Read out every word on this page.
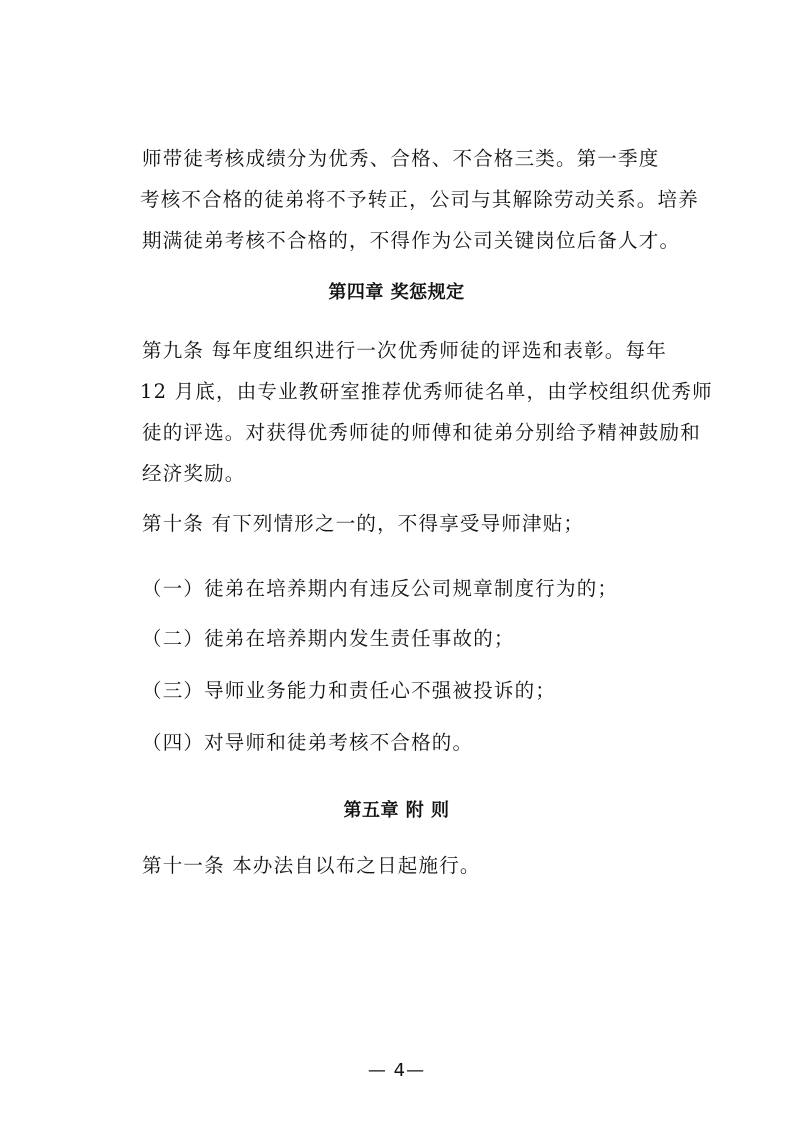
师带徒考核成绩分为优秀、合格、不合格三类。第一季度
考核不合格的徒弟将不予转正，公司与其解除劳动关系。培养
期满徒弟考核不合格的，不得作为公司关键岗位后备人才。

第四章 奖惩规定

第九条 每年度组织进行一次优秀师徒的评选和表彰。每年
12 月底，由专业教研室推荐优秀师徒名单，由学校组织优秀师
徒的评选。对获得优秀师徒的师傅和徒弟分别给予精神鼓励和
经济奖励。

第十条 有下列情形之一的，不得享受导师津贴；

（一）徒弟在培养期内有违反公司规章制度行为的；

（二）徒弟在培养期内发生责任事故的；

（三）导师业务能力和责任心不强被投诉的；

（四）对导师和徒弟考核不合格的。

第五章 附 则

第十一条 本办法自以布之日起施行。

— 4—
